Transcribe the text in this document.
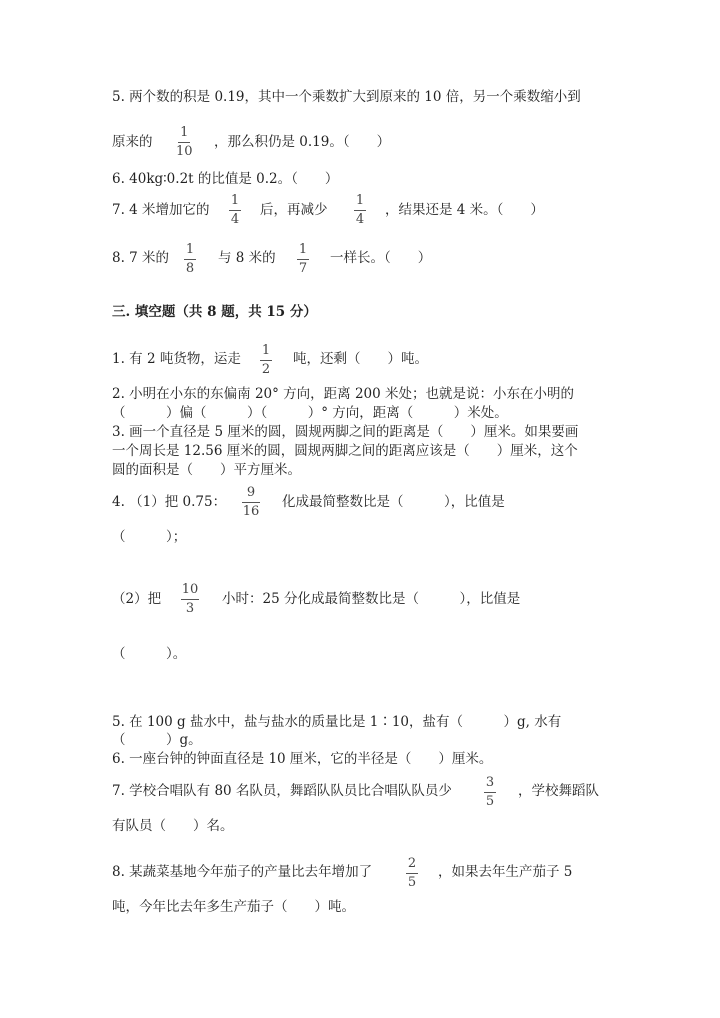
5. 两个数的积是 0.19，其中一个乘数扩大到原来的 10 倍，另一个乘数缩小到
原来的
1
10
，那么积仍是 0.19。（　　）
6. 40kg∶0.2t 的比值是 0.2。（　　）
7. 4 米增加它的
1
4
后，再减少
1
4
，结果还是 4 米。（　　）
8. 7 米的
1
8
与 8 米的
1
7
一样长。（　　）
三. 填空题（共 8 题，共 15 分）
1. 有 2 吨货物，运走
1
2
吨，还剩（　　）吨。
2. 小明在小东的东偏南 20° 方向，距离 200 米处；也就是说：小东在小明的
（　　　）偏（　　　）（　　　）° 方向，距离（　　　）米处。
3. 画一个直径是 5 厘米的圆，圆规两脚之间的距离是（　　）厘米。如果要画
一个周长是 12.56 厘米的圆，圆规两脚之间的距离应该是（　　）厘米，这个
圆的面积是（　　）平方厘米。
4. （1）把 0.75：
9
16
化成最简整数比是（　　　），比值是
（　　　）；
（2）把
10
3
小时：25 分化成最简整数比是（　　　），比值是
（　　　）。
5. 在 100 g 盐水中，盐与盐水的质量比是 1∶10，盐有（　　　）g, 水有
（　　　）g。
6. 一座台钟的钟面直径是 10 厘米，它的半径是（　　）厘米。
7. 学校合唱队有 80 名队员，舞蹈队队员比合唱队队员少
3
5
，学校舞蹈队
有队员（　　）名。
8. 某蔬菜基地今年茄子的产量比去年增加了
2
5
，如果去年生产茄子 5
吨，今年比去年多生产茄子（　　）吨。
